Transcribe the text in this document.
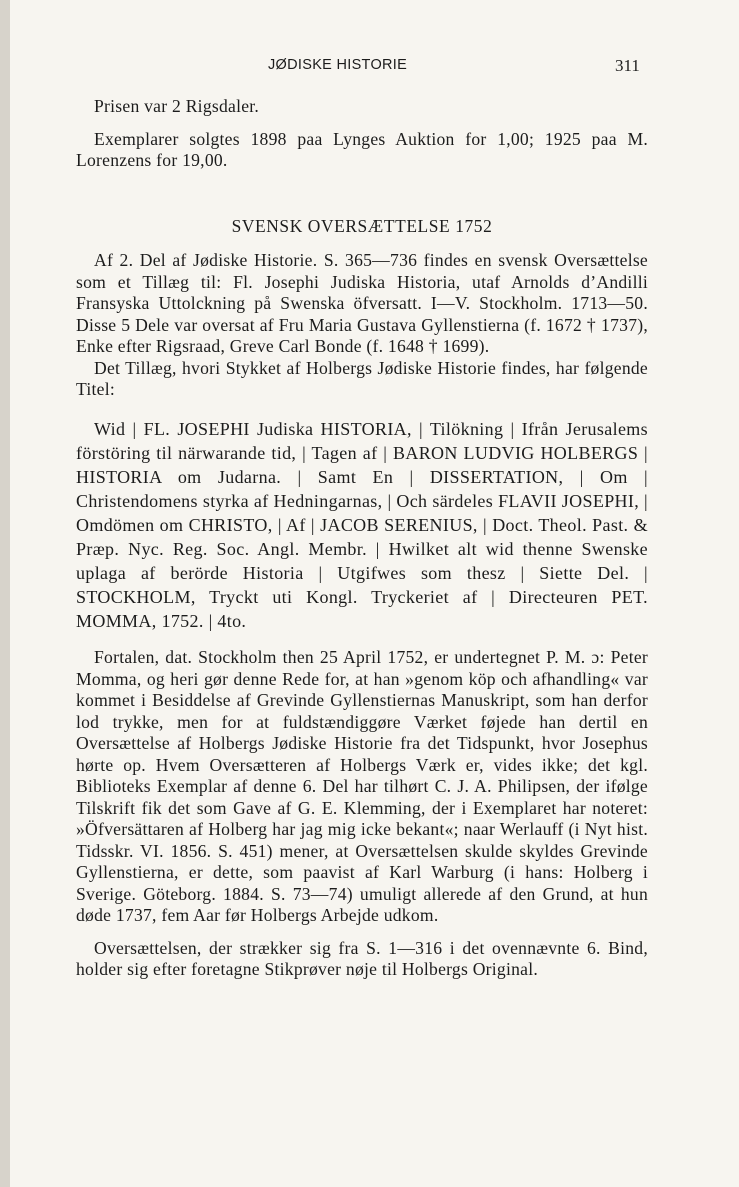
JØDISKE HISTORIE	311

Prisen var 2 Rigsdaler.

Exemplarer solgtes 1898 paa Lynges Auktion for 1,00; 1925 paa M. Lorenzens for 19,00.

SVENSK OVERSÆTTELSE 1752

Af 2. Del af Jødiske Historie. S. 365—736 findes en svensk Oversættelse som et Tillæg til: Fl. Josephi Judiska Historia, utaf Arnolds d’Andilli Fransyska Uttolckning på Swenska öfversatt. I—V. Stockholm. 1713—50. Disse 5 Dele var oversat af Fru Maria Gustava Gyllenstierna (f. 1672 † 1737), Enke efter Rigsraad, Greve Carl Bonde (f. 1648 † 1699).

Det Tillæg, hvori Stykket af Holbergs Jødiske Historie findes, har følgende Titel:

Wid | FL. JOSEPHI Judiska HISTORIA, | Tilökning | Ifrån Jerusalems förstöring til närwarande tid, | Tagen af | BARON LUDVIG HOLBERGS | HISTORIA om Judarna. | Samt En | DISSERTATION, | Om | Christendomens styrka af Hedningarnas, | Och särdeles FLAVII JOSEPHI, | Omdömen om CHRISTO, | Af | JACOB SERENIUS, | Doct. Theol. Past. & Præp. Nyc. Reg. Soc. Angl. Membr. | Hwilket alt wid thenne Swenske uplaga af berörde Historia | Utgifwes som thesz | Siette Del. | STOCKHOLM, Tryckt uti Kongl. Tryckeriet af | Directeuren PET. MOMMA, 1752. | 4to.

Fortalen, dat. Stockholm then 25 April 1752, er undertegnet P. M. ɔ: Peter Momma, og heri gør denne Rede for, at han »genom köp och afhandling« var kommet i Besiddelse af Grevinde Gyllenstiernas Manuskript, som han derfor lod trykke, men for at fuldstændiggøre Værket føjede han dertil en Oversættelse af Holbergs Jødiske Historie fra det Tidspunkt, hvor Josephus hørte op. Hvem Oversætteren af Holbergs Værk er, vides ikke; det kgl. Biblioteks Exemplar af denne 6. Del har tilhørt C. J. A. Philipsen, der ifølge Tilskrift fik det som Gave af G. E. Klemming, der i Exemplaret har noteret: »Öfversättaren af Holberg har jag mig icke bekant«; naar Werlauff (i Nyt hist. Tidsskr. VI. 1856. S. 451) mener, at Oversættelsen skulde skyldes Grevinde Gyllenstierna, er dette, som paavist af Karl Warburg (i hans: Holberg i Sverige. Göteborg. 1884. S. 73—74) umuligt allerede af den Grund, at hun døde 1737, fem Aar før Holbergs Arbejde udkom.

Oversættelsen, der strækker sig fra S. 1—316 i det ovennævnte 6. Bind, holder sig efter foretagne Stikprøver nøje til Holbergs Original.
